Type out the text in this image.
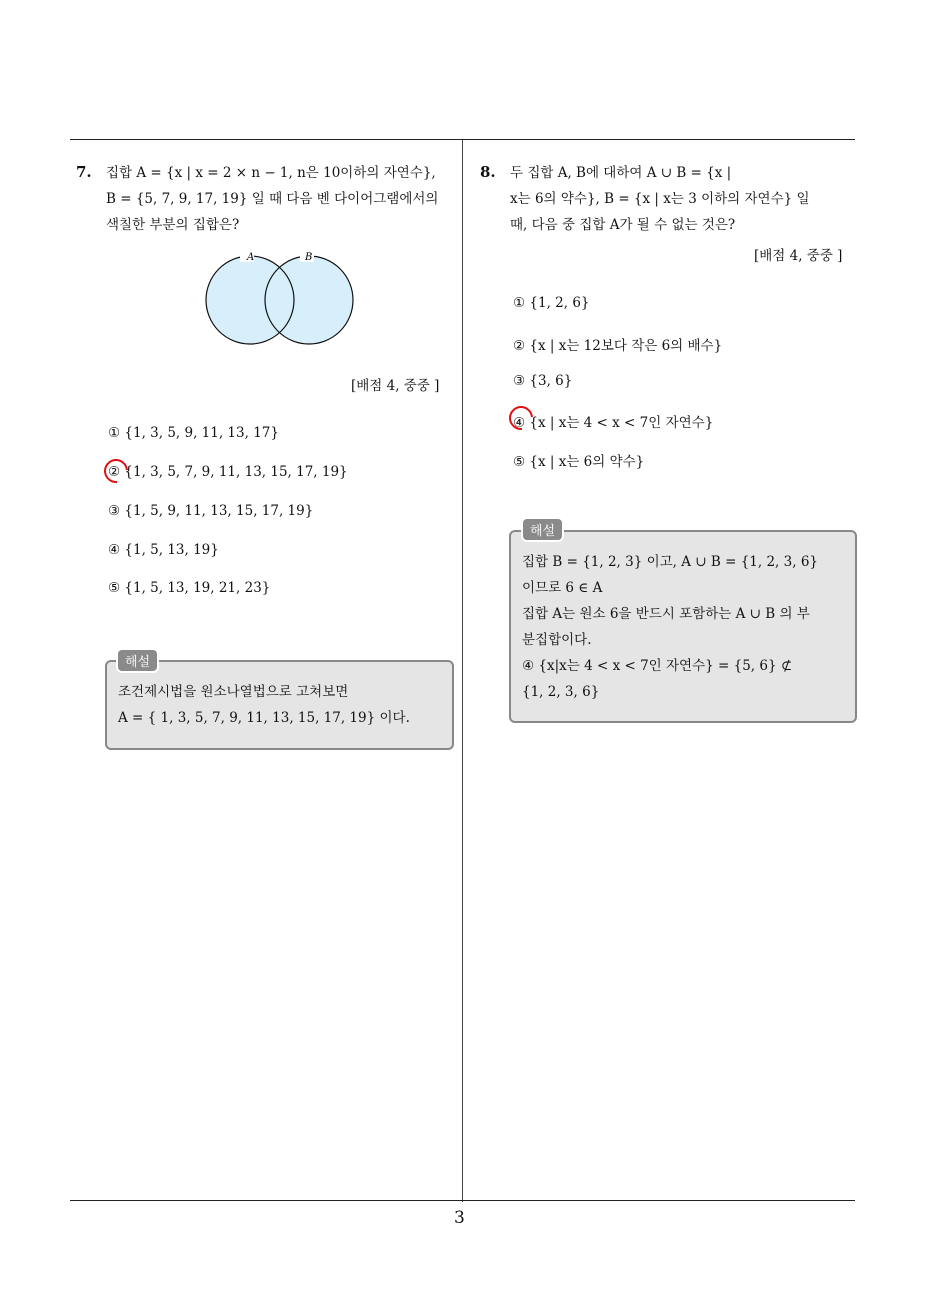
7. 집합 A = {x | x = 2 × n − 1, n은 10이하의 자연수},
B = {5, 7, 9, 17, 19} 일 때 다음 벤 다이어그램에서의
색칠한 부분의 집합은?
A	B
[배점 4, 중중 ]
① {1, 3, 5, 9, 11, 13, 17}
② {1, 3, 5, 7, 9, 11, 13, 15, 17, 19}
③ {1, 5, 9, 11, 13, 15, 17, 19}
④ {1, 5, 13, 19}
⑤ {1, 5, 13, 19, 21, 23}
해설
조건제시법을 원소나열법으로 고쳐보면
A = { 1, 3, 5, 7, 9, 11, 13, 15, 17, 19} 이다.
8. 두 집합 A, B에 대하여 A ∪ B = {x |
x는 6의 약수}, B = {x | x는 3 이하의 자연수} 일
때, 다음 중 집합 A가 될 수 없는 것은?
[배점 4, 중중 ]
① {1, 2, 6}
② {x | x는 12보다 작은 6의 배수}
③ {3, 6}
④ {x | x는 4 < x < 7인 자연수}
⑤ {x | x는 6의 약수}
해설
집합 B = {1, 2, 3} 이고, A ∪ B = {1, 2, 3, 6}
이므로 6 ∈ A
집합 A는 원소 6을 반드시 포함하는 A ∪ B 의 부
분집합이다.
④ {x|x는 4 < x < 7인 자연수} = {5, 6} ⊄
{1, 2, 3, 6}
3
